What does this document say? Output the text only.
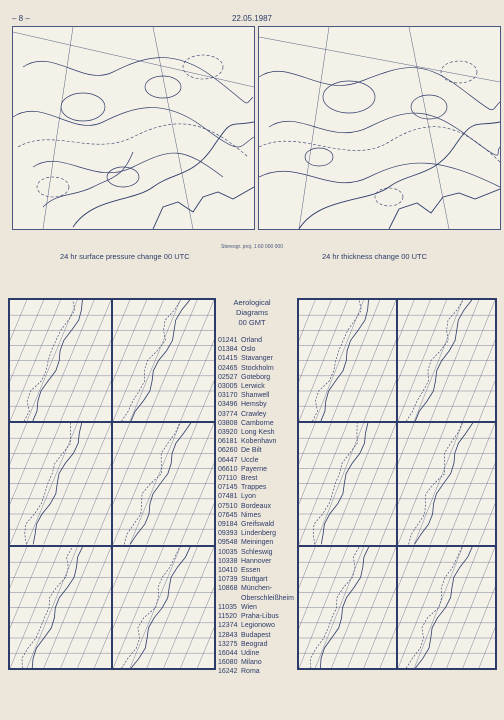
– 8 –	22.05.1987
Stereogr. proj. 1:60 000 000
24 hr surface pressure change 00 UTC	24 hr thickness change 00 UTC
Aerological Diagrams
00 GMT
01241 Orland
01384 Oslo
01415 Stavanger
02465 Stockholm
02527 Goteborg
03005 Lerwick
03170 Shanwell
03496 Hemsby
03774 Crawley
03808 Camborne
03920 Long Kesh
06181 Kobenhavn
06260 De Bilt
06447 Uccle
06610 Payerne
07110 Brest
07145 Trappes
07481 Lyon
07510 Bordeaux
07645 Nimes
09184 Greifswald
09393 Lindenberg
09548 Meiningen
10035 Schleswig
10338 Hannover
10410 Essen
10739 Stuttgart
10868 München-
Oberschleißheim
11035 Wien
11520 Praha-Libus
12374 Legionowo
12843 Budapest
13275 Beograd
16044 Udine
16080 Milano
16242 Roma
